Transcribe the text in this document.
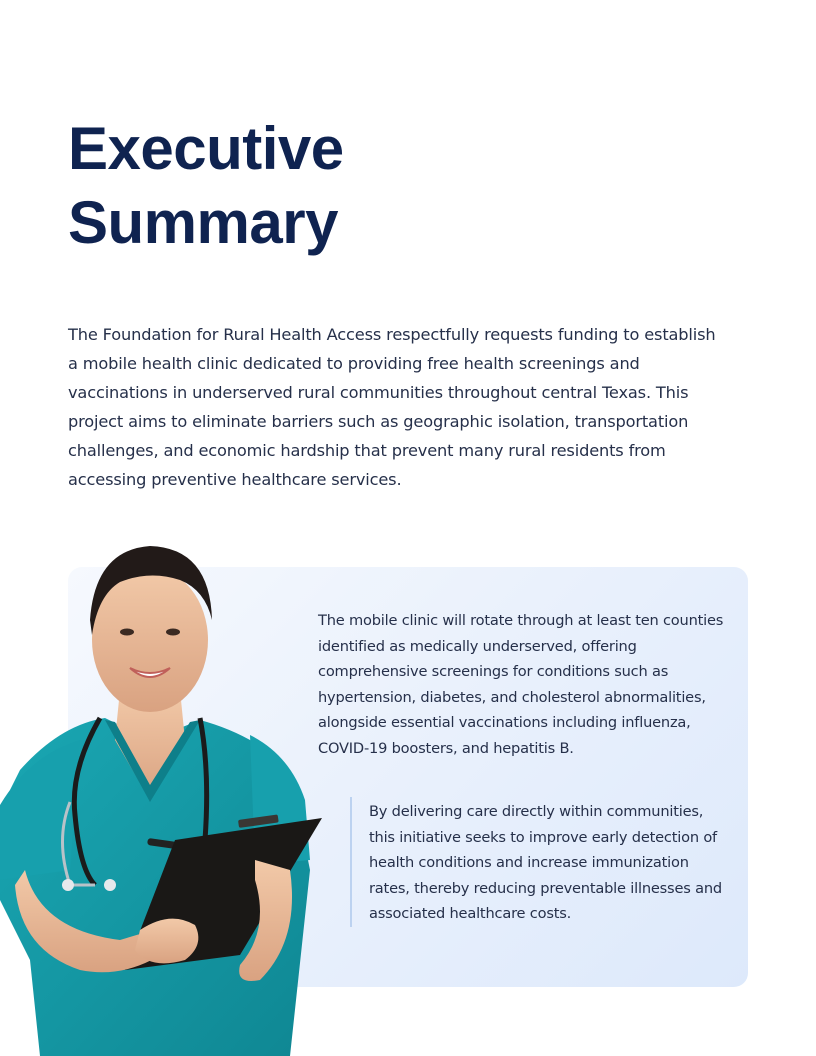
Executive
Summary

The Foundation for Rural Health Access respectfully requests funding to establish a mobile health clinic dedicated to providing free health screenings and vaccinations in underserved rural communities throughout central Texas. This project aims to eliminate barriers such as geographic isolation, transportation challenges, and economic hardship that prevent many rural residents from accessing preventive healthcare services.

The mobile clinic will rotate through at least ten counties identified as medically underserved, offering comprehensive screenings for conditions such as hypertension, diabetes, and cholesterol abnormalities, alongside essential vaccinations including influenza, COVID-19 boosters, and hepatitis B.

By delivering care directly within communities, this initiative seeks to improve early detection of health conditions and increase immunization rates, thereby reducing preventable illnesses and associated healthcare costs.
